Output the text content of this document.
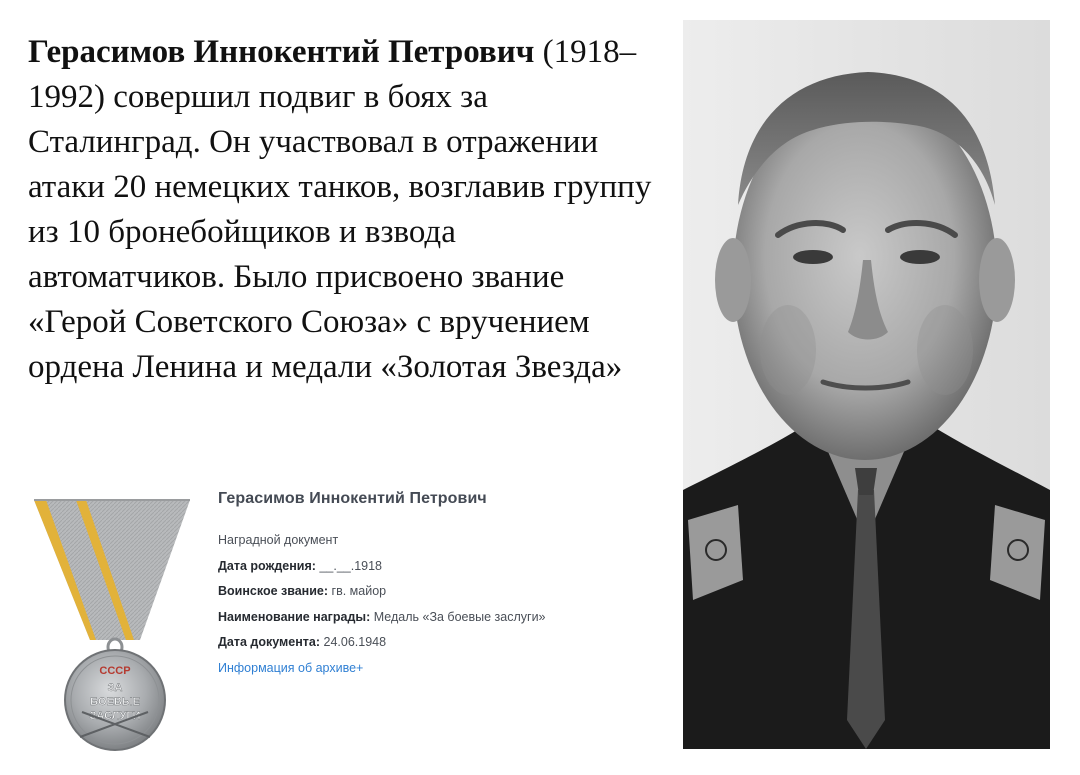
Герасимов Иннокентий Петрович (1918–1992) совершил подвиг в боях за Сталинград. Он участвовал в отражении атаки 20 немецких танков, возглавив группу из 10 бронебойщиков и взвода автоматчиков. Было присвоено звание «Герой Советского Союза» с вручением ордена Ленина и медали «Золотая Звезда»
СССР
ЗА
БОЕВЫЕ
ЗАСЛУГИ
Герасимов Иннокентий Петрович
Наградной документ
Дата рождения: __.__.1918
Воинское звание: гв. майор
Наименование награды: Медаль «За боевые заслуги»
Дата документа: 24.06.1948
Информация об архиве+
